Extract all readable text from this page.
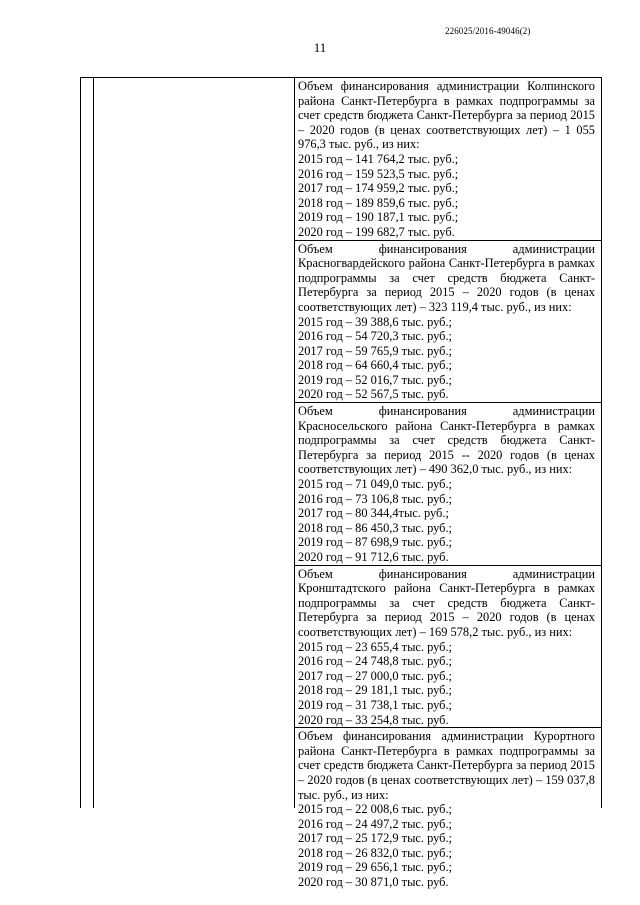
226025/2016-49046(2)
11
Объем финансирования администрации Колпинского района Санкт-Петербурга в рамках подпрограммы за счет средств бюджета Санкт-Петербурга за период 2015 – 2020 годов (в ценах соответствующих лет) – 1 055 976,3 тыс. руб., из них:
2015 год – 141 764,2 тыс. руб.;
2016 год – 159 523,5 тыс. руб.;
2017 год – 174 959,2 тыс. руб.;
2018 год – 189 859,6 тыс. руб.;
2019 год – 190 187,1 тыс. руб.;
2020 год – 199 682,7 тыс. руб.
Объем финансирования администрации Красногвардейского района Санкт-Петербурга в рамках подпрограммы за счет средств бюджета Санкт-Петербурга за период 2015 – 2020 годов (в ценах соответствующих лет) – 323 119,4 тыс. руб., из них:
2015 год – 39 388,6 тыс. руб.;
2016 год – 54 720,3 тыс. руб.;
2017 год – 59 765,9 тыс. руб.;
2018 год – 64 660,4 тыс. руб.;
2019 год – 52 016,7 тыс. руб.;
2020 год – 52 567,5 тыс. руб.
Объем финансирования администрации Красносельского района Санкт-Петербурга в рамках подпрограммы за счет средств бюджета Санкт-Петербурга за период 2015 -- 2020 годов (в ценах соответствующих лет) – 490 362,0 тыс. руб., из них:
2015 год – 71 049,0 тыс. руб.;
2016 год – 73 106,8 тыс. руб.;
2017 год – 80 344,4тыс. руб.;
2018 год – 86 450,3 тыс. руб.;
2019 год – 87 698,9 тыс. руб.;
2020 год – 91 712,6 тыс. руб.
Объем финансирования администрации Кронштадтского района Санкт-Петербурга в рамках подпрограммы за счет средств бюджета Санкт-Петербурга за период 2015 – 2020 годов (в ценах соответствующих лет) – 169 578,2 тыс. руб., из них:
2015 год – 23 655,4 тыс. руб.;
2016 год – 24 748,8 тыс. руб.;
2017 год – 27 000,0 тыс. руб.;
2018 год – 29 181,1 тыс. руб.;
2019 год – 31 738,1 тыс. руб.;
2020 год – 33 254,8 тыс. руб.
Объем финансирования администрации Курортного района Санкт-Петербурга в рамках подпрограммы за счет средств бюджета Санкт-Петербурга за период 2015 – 2020 годов (в ценах соответствующих лет) – 159 037,8 тыс. руб., из них:
2015 год – 22 008,6 тыс. руб.;
2016 год – 24 497,2 тыс. руб.;
2017 год – 25 172,9 тыс. руб.;
2018 год – 26 832,0 тыс. руб.;
2019 год – 29 656,1 тыс. руб.;
2020 год – 30 871,0 тыс. руб.
